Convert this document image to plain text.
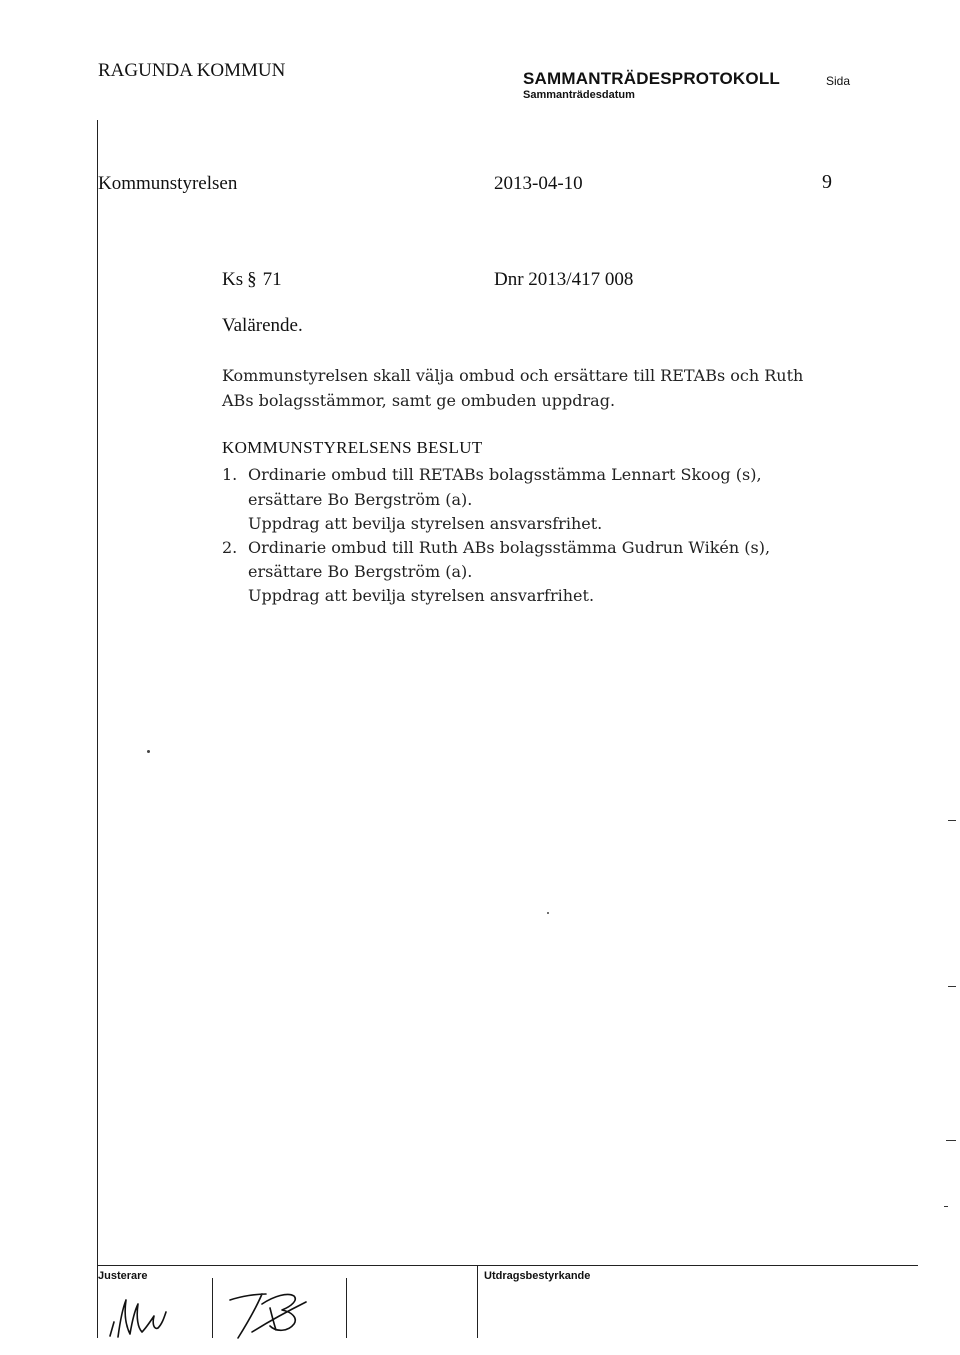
RAGUNDA KOMMUN	SAMMANTRÄDESPROTOKOLL
Sammanträdesdatum
Sida
Kommunstyrelsen	2013-04-10	9
Ks § 71	Dnr 2013/417 008
Valärende.
Kommunstyrelsen skall välja ombud och ersättare till RETABs och Ruth
ABs bolagsstämmor, samt ge ombuden uppdrag.
KOMMUNSTYRELSENS BESLUT
1. Ordinarie ombud till RETABs bolagsstämma Lennart Skoog (s),
ersättare Bo Bergström (a).
Uppdrag att bevilja styrelsen ansvarsfrihet.
2. Ordinarie ombud till Ruth ABs bolagsstämma Gudrun Wikén (s),
ersättare Bo Bergström (a).
Uppdrag att bevilja styrelsen ansvarfrihet.
Justerare	Utdragsbestyrkande
